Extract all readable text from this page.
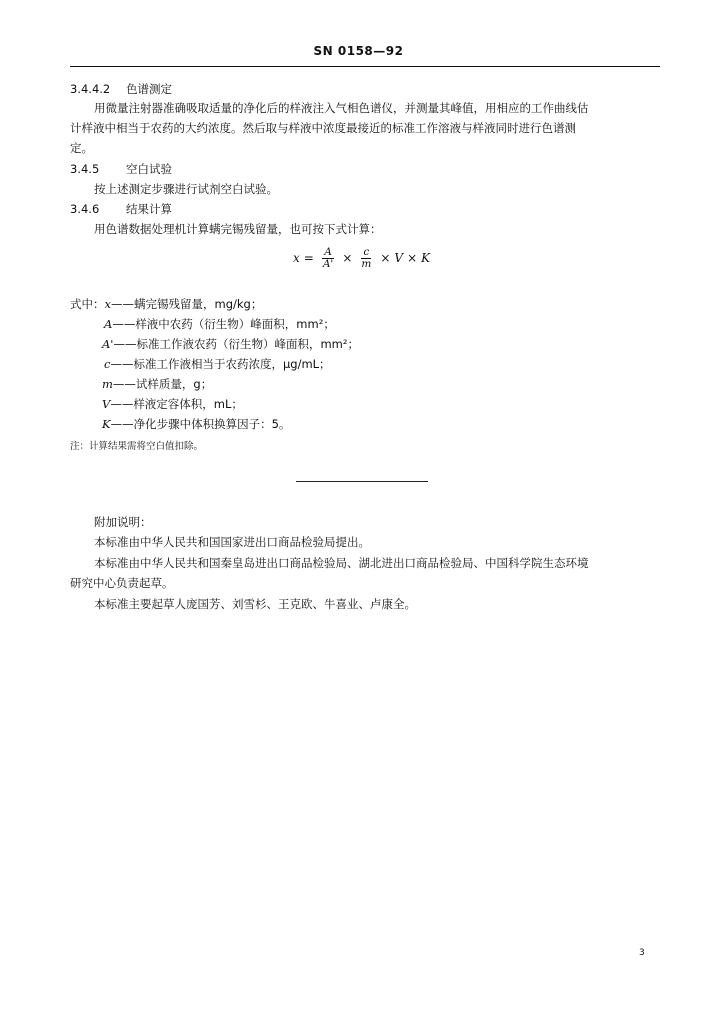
SN 0158—92
3.4.4.2 色谱测定
用微量注射器准确吸取适量的净化后的样液注入气相色谱仪，并测量其峰值，用相应的工作曲线估
计样液中相当于农药的大约浓度。然后取与样液中浓度最接近的标准工作溶液与样液同时进行色谱测
定。
3.4.5 空白试验
按上述测定步骤进行试剂空白试验。
3.4.6 结果计算
用色谱数据处理机计算螨完锡残留量，也可按下式计算：
$x = \frac{A}{A'} \times \frac{c}{m} \times V \times K$
式中：x——螨完锡残留量，mg/kg；
A——样液中农药（衍生物）峰面积，mm²；
A'——标准工作液农药（衍生物）峰面积，mm²；
c——标准工作液相当于农药浓度，μg/mL；
m——试样质量，g；
V——样液定容体积，mL；
K——净化步骤中体积换算因子：5。
注：计算结果需将空白值扣除。
附加说明：
本标准由中华人民共和国国家进出口商品检验局提出。
本标准由中华人民共和国秦皇岛进出口商品检验局、湖北进出口商品检验局、中国科学院生态环境
研究中心负责起草。
本标准主要起草人庞国芳、刘雪杉、王克欧、牛喜业、卢康全。
3
